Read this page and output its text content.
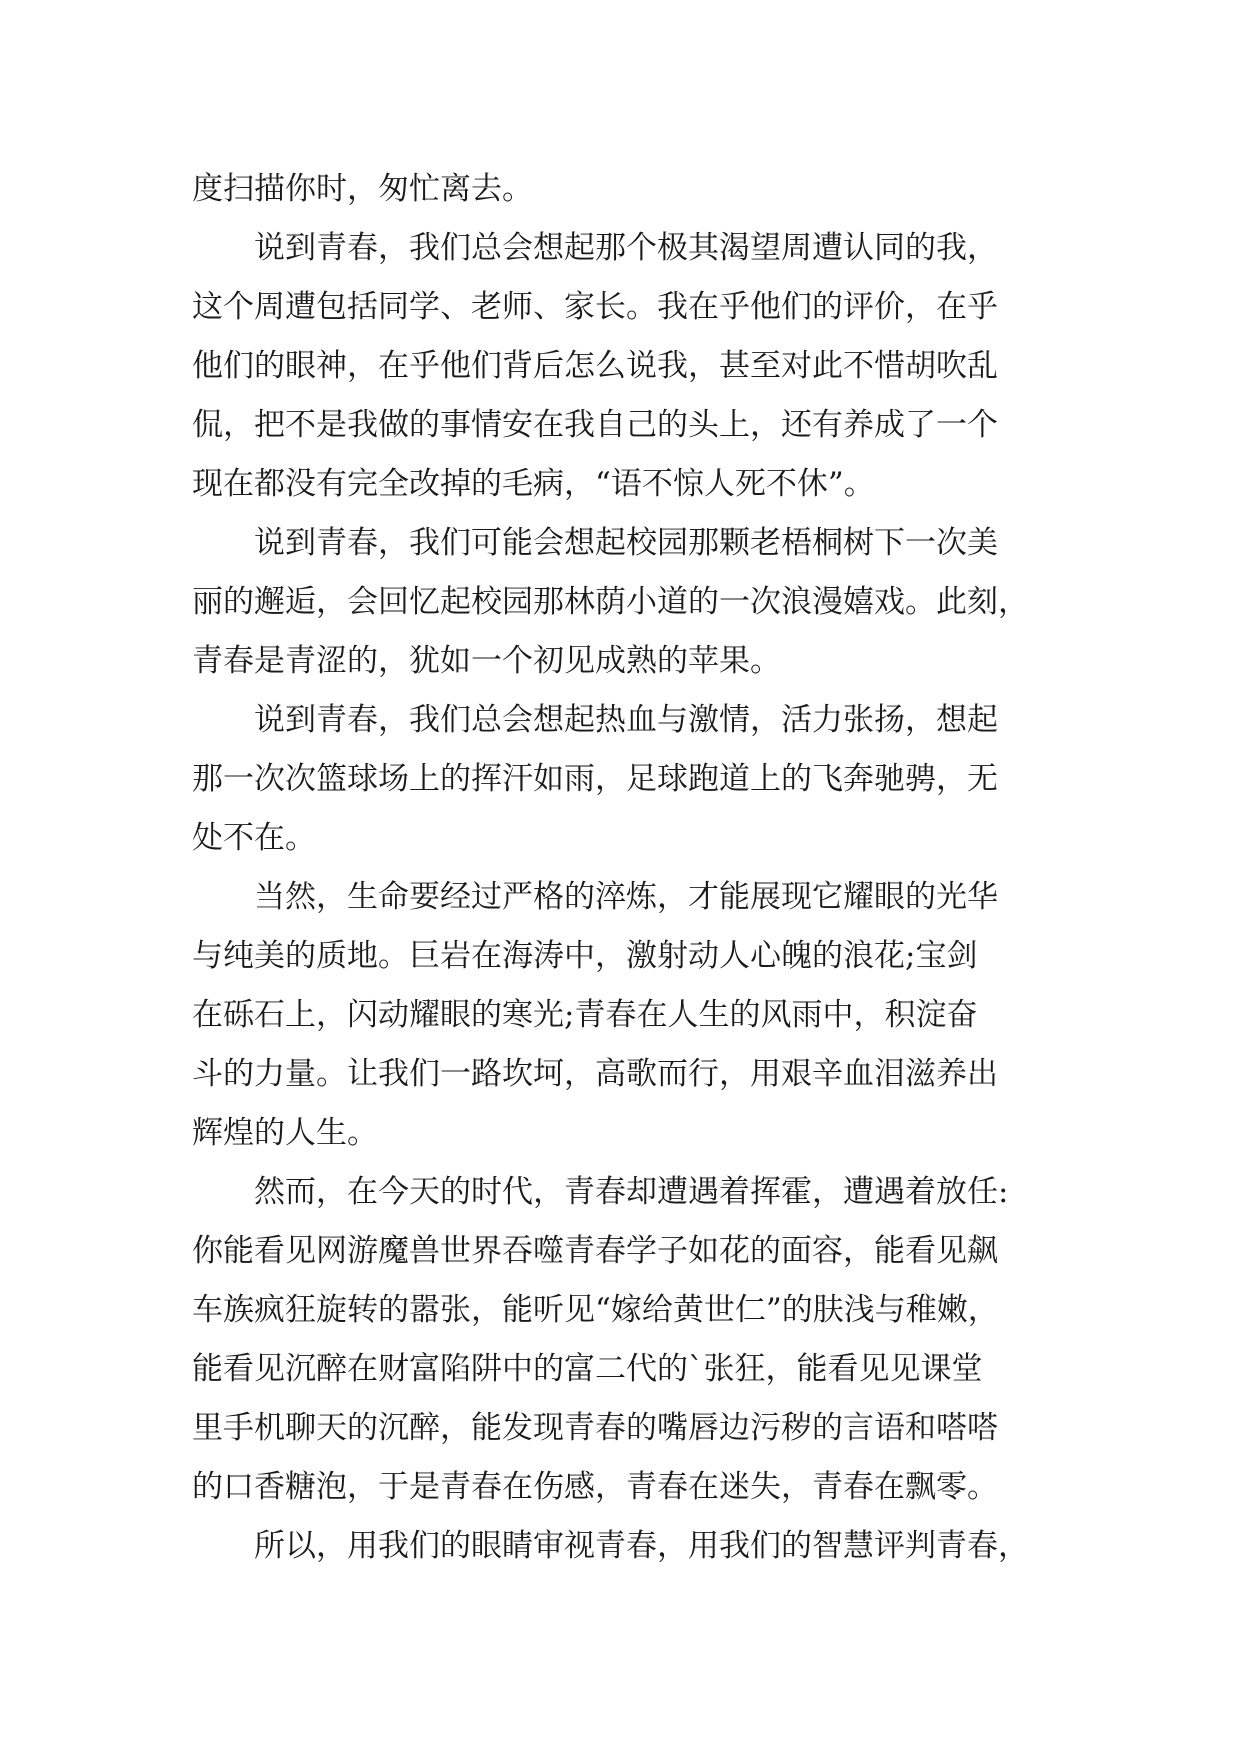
度扫描你时，匆忙离去。
说到青春，我们总会想起那个极其渴望周遭认同的我，
这个周遭包括同学、老师、家长。我在乎他们的评价，在乎
他们的眼神，在乎他们背后怎么说我，甚至对此不惜胡吹乱
侃，把不是我做的事情安在我自己的头上，还有养成了一个
现在都没有完全改掉的毛病，“语不惊人死不休”。
说到青春，我们可能会想起校园那颗老梧桐树下一次美
丽的邂逅，会回忆起校园那林荫小道的一次浪漫嬉戏。此刻，
青春是青涩的，犹如一个初见成熟的苹果。
说到青春，我们总会想起热血与激情，活力张扬，想起
那一次次篮球场上的挥汗如雨，足球跑道上的飞奔驰骋，无
处不在。
当然，生命要经过严格的淬炼，才能展现它耀眼的光华
与纯美的质地。巨岩在海涛中，激射动人心魄的浪花;宝剑
在砾石上，闪动耀眼的寒光;青春在人生的风雨中，积淀奋
斗的力量。让我们一路坎坷，高歌而行，用艰辛血泪滋养出
辉煌的人生。
然而，在今天的时代，青春却遭遇着挥霍，遭遇着放任:
你能看见网游魔兽世界吞噬青春学子如花的面容，能看见飙
车族疯狂旋转的嚣张，能听见“嫁给黄世仁”的肤浅与稚嫩，
能看见沉醉在财富陷阱中的富二代的`张狂，能看见见课堂
里手机聊天的沉醉，能发现青春的嘴唇边污秽的言语和嗒嗒
的口香糖泡，于是青春在伤感，青春在迷失，青春在飘零。
所以，用我们的眼睛审视青春，用我们的智慧评判青春，
